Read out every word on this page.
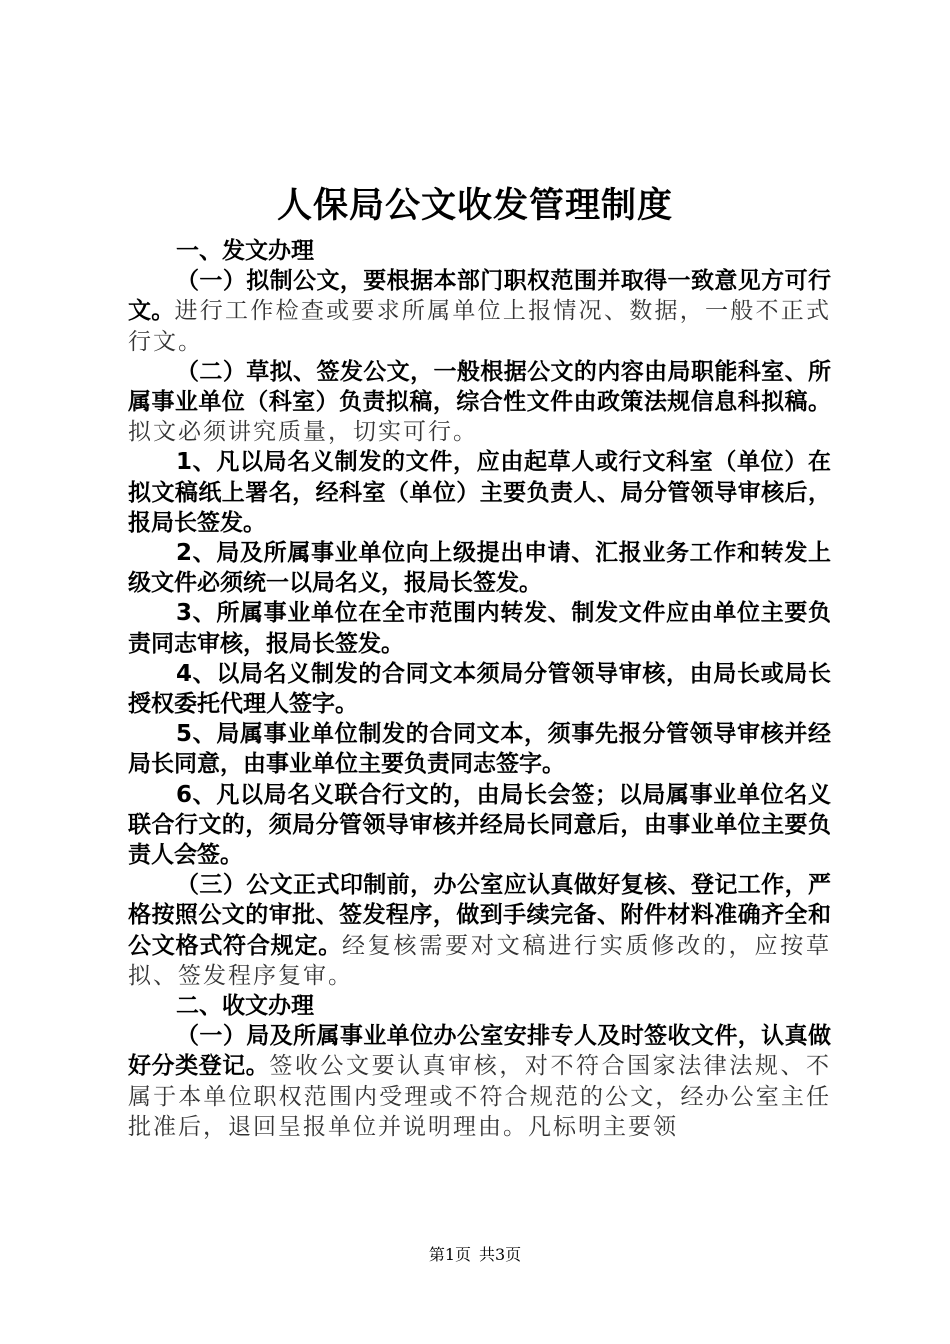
人保局公文收发管理制度

一、发文办理

（一）拟制公文，要根据本部门职权范围并取得一致意见方可行文。进行工作检查或要求所属单位上报情况、数据，一般不正式行文。

（二）草拟、签发公文，一般根据公文的内容由局职能科室、所属事业单位（科室）负责拟稿，综合性文件由政策法规信息科拟稿。拟文必须讲究质量，切实可行。

1、凡以局名义制发的文件，应由起草人或行文科室（单位）在拟文稿纸上署名，经科室（单位）主要负责人、局分管领导审核后，报局长签发。

2、局及所属事业单位向上级提出申请、汇报业务工作和转发上级文件必须统一以局名义，报局长签发。

3、所属事业单位在全市范围内转发、制发文件应由单位主要负责同志审核，报局长签发。

4、以局名义制发的合同文本须局分管领导审核，由局长或局长授权委托代理人签字。

5、局属事业单位制发的合同文本，须事先报分管领导审核并经局长同意，由事业单位主要负责同志签字。

6、凡以局名义联合行文的，由局长会签；以局属事业单位名义联合行文的，须局分管领导审核并经局长同意后，由事业单位主要负责人会签。

（三）公文正式印制前，办公室应认真做好复核、登记工作，严格按照公文的审批、签发程序，做到手续完备、附件材料准确齐全和公文格式符合规定。经复核需要对文稿进行实质修改的，应按草拟、签发程序复审。

二、收文办理

（一）局及所属事业单位办公室安排专人及时签收文件，认真做好分类登记。签收公文要认真审核，对不符合国家法律法规、不属于本单位职权范围内受理或不符合规范的公文，经办公室主任批准后，退回呈报单位并说明理由。凡标明主要领

第1页 共3页
